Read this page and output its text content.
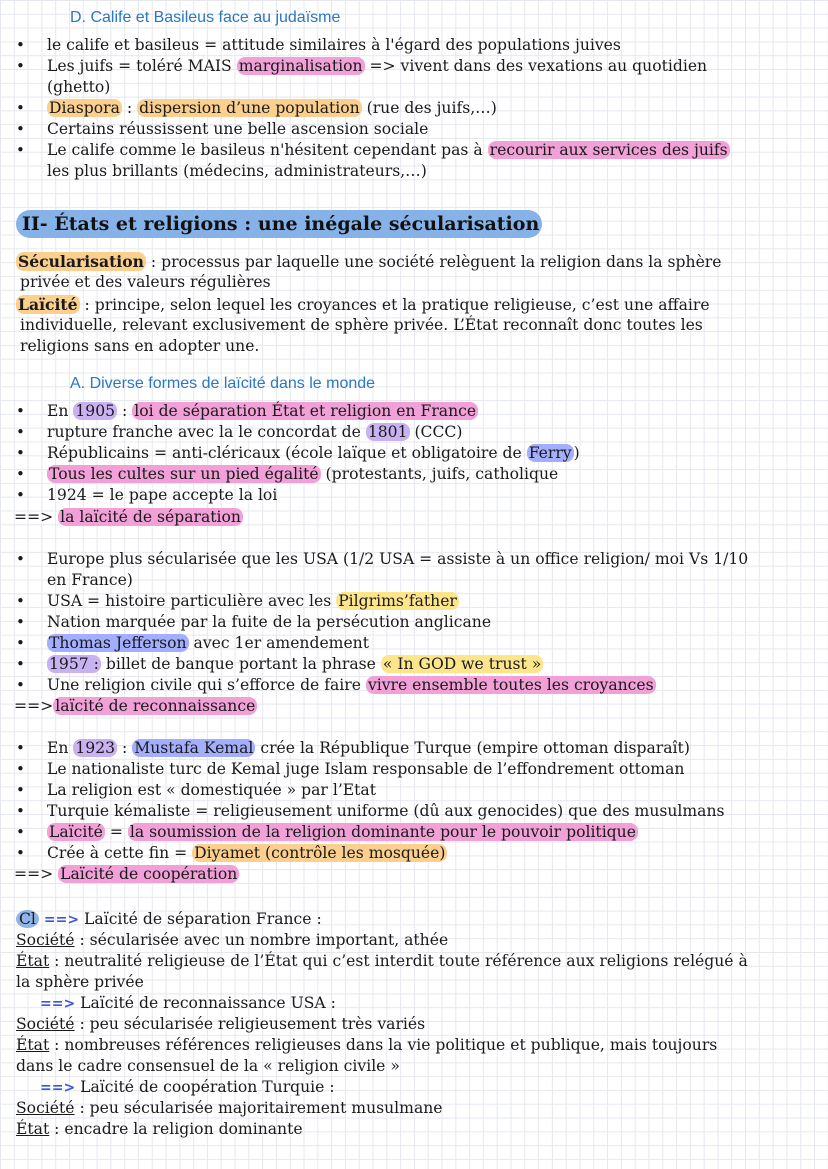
D. Calife et Basileus face au judaïsme
• le calife et basileus = attitude similaires à l'égard des populations juives
• Les juifs = toléré MAIS marginalisation => vivent dans des vexations au quotidien
(ghetto)
• Diaspora : dispersion d’une population (rue des juifs,…)
• Certains réussissent une belle ascension sociale
• Le calife comme le basileus n'hésitent cependant pas à recourir aux services des juifs
les plus brillants (médecins, administrateurs,…)
II- États et religions : une inégale sécularisation
Sécularisation : processus par laquelle une société relèguent la religion dans la sphère
privée et des valeurs régulières
Laïcité : principe, selon lequel les croyances et la pratique religieuse, c’est une affaire
individuelle, relevant exclusivement de sphère privée. L’État reconnaît donc toutes les
religions sans en adopter une.
A. Diverse formes de laïcité dans le monde
• En 1905 : loi de séparation État et religion en France
• rupture franche avec la le concordat de 1801 (CCC)
• Républicains = anti-cléricaux (école laïque et obligatoire de Ferry )
• Tous les cultes sur un pied égalité (protestants, juifs, catholique
• 1924 = le pape accepte la loi
==> la laïcité de séparation
• Europe plus sécularisée que les USA (1/2 USA = assiste à un office religion/ moi Vs 1/10
en France)
• USA = histoire particulière avec les Pilgrims’father
• Nation marquée par la fuite de la persécution anglicane
• Thomas Jefferson avec 1er amendement
• 1957 : billet de banque portant la phrase « In GOD we trust »
• Une religion civile qui s’efforce de faire vivre ensemble toutes les croyances
==> laïcité de reconnaissance
• En 1923 : Mustafa Kemal crée la République Turque (empire ottoman disparaît)
• Le nationaliste turc de Kemal juge Islam responsable de l’effondrement ottoman
• La religion est « domestiquée » par l’Etat
• Turquie kémaliste = religieusement uniforme (dû aux genocides) que des musulmans
• Laïcité = la soumission de la religion dominante pour le pouvoir politique
• Crée à cette fin = Diyamet (contrôle les mosquée)
==> Laïcité de coopération
Cl ==> Laïcité de séparation France :
Société : sécularisée avec un nombre important, athée
État : neutralité religieuse de l’État qui c’est interdit toute référence aux religions relégué à
la sphère privée
==> Laïcité de reconnaissance USA :
Société : peu sécularisée religieusement très variés
État : nombreuses références religieuses dans la vie politique et publique, mais toujours
dans le cadre consensuel de la « religion civile »
==> Laïcité de coopération Turquie :
Société : peu sécularisée majoritairement musulmane
État : encadre la religion dominante
